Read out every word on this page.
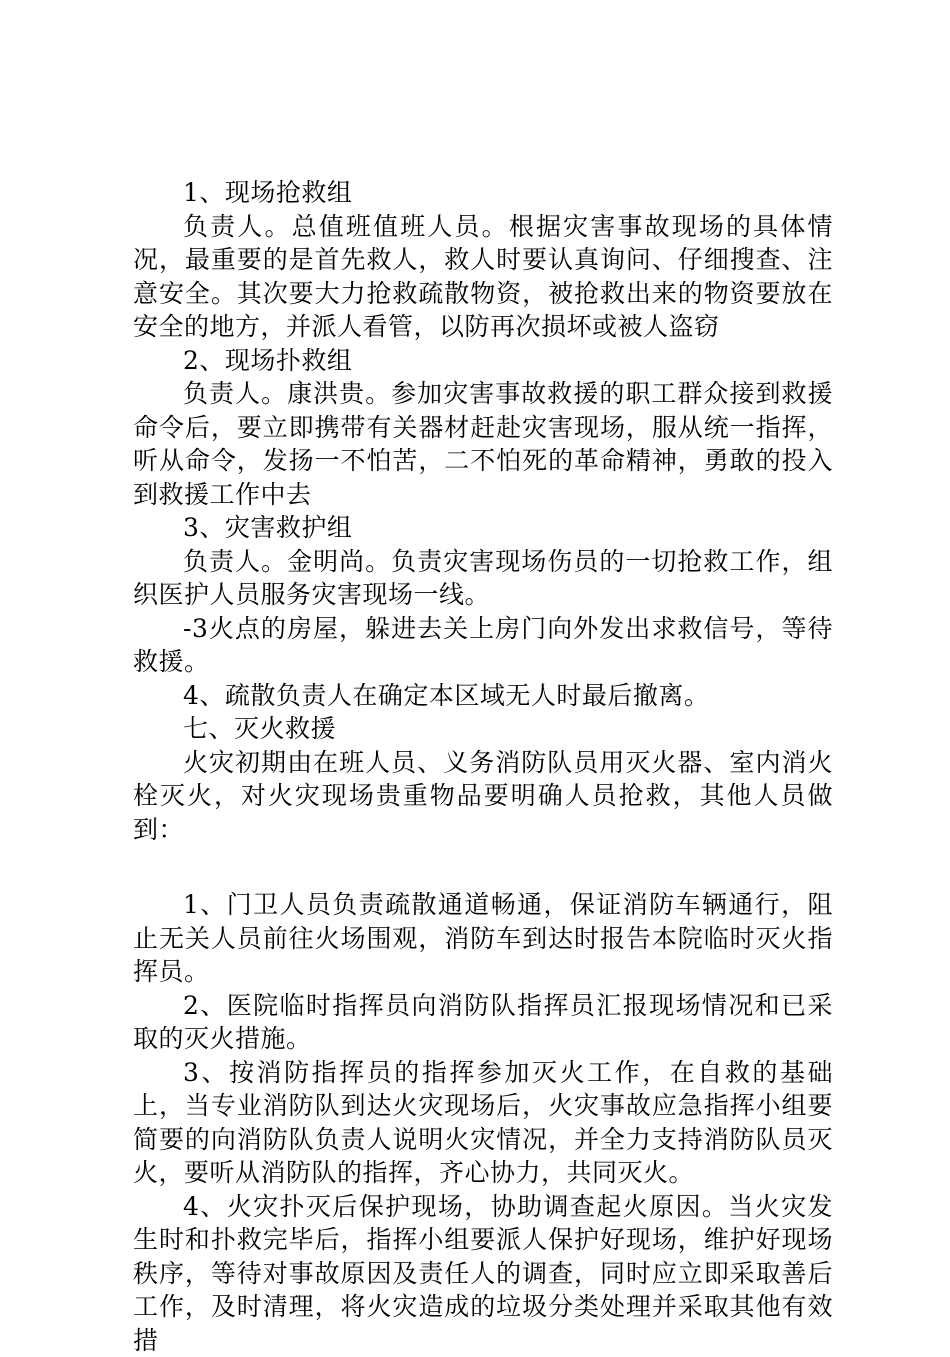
1、现场抢救组

负责人。总值班值班人员。根据灾害事故现场的具体情况，最重要的是首先救人，救人时要认真询问、仔细搜查、注意安全。其次要大力抢救疏散物资，被抢救出来的物资要放在安全的地方，并派人看管，以防再次损坏或被人盗窃

2、现场扑救组

负责人。康洪贵。参加灾害事故救援的职工群众接到救援命令后，要立即携带有关器材赶赴灾害现场，服从统一指挥，听从命令，发扬一不怕苦，二不怕死的革命精神，勇敢的投入到救援工作中去

3、灾害救护组

负责人。金明尚。负责灾害现场伤员的一切抢救工作，组织医护人员服务灾害现场一线。

-3火点的房屋，躲进去关上房门向外发出求救信号，等待救援。

4、疏散负责人在确定本区域无人时最后撤离。

七、灭火救援

火灾初期由在班人员、义务消防队员用灭火器、室内消火栓灭火，对火灾现场贵重物品要明确人员抢救，其他人员做到：

1、门卫人员负责疏散通道畅通，保证消防车辆通行，阻止无关人员前往火场围观，消防车到达时报告本院临时灭火指挥员。

2、医院临时指挥员向消防队指挥员汇报现场情况和已采取的灭火措施。

3、按消防指挥员的指挥参加灭火工作，在自救的基础上，当专业消防队到达火灾现场后，火灾事故应急指挥小组要简要的向消防队负责人说明火灾情况，并全力支持消防队员灭火，要听从消防队的指挥，齐心协力，共同灭火。

4、火灾扑灭后保护现场，协助调查起火原因。当火灾发生时和扑救完毕后，指挥小组要派人保护好现场，维护好现场秩序，等待对事故原因及责任人的调查，同时应立即采取善后工作，及时清理，将火灾造成的垃圾分类处理并采取其他有效措
